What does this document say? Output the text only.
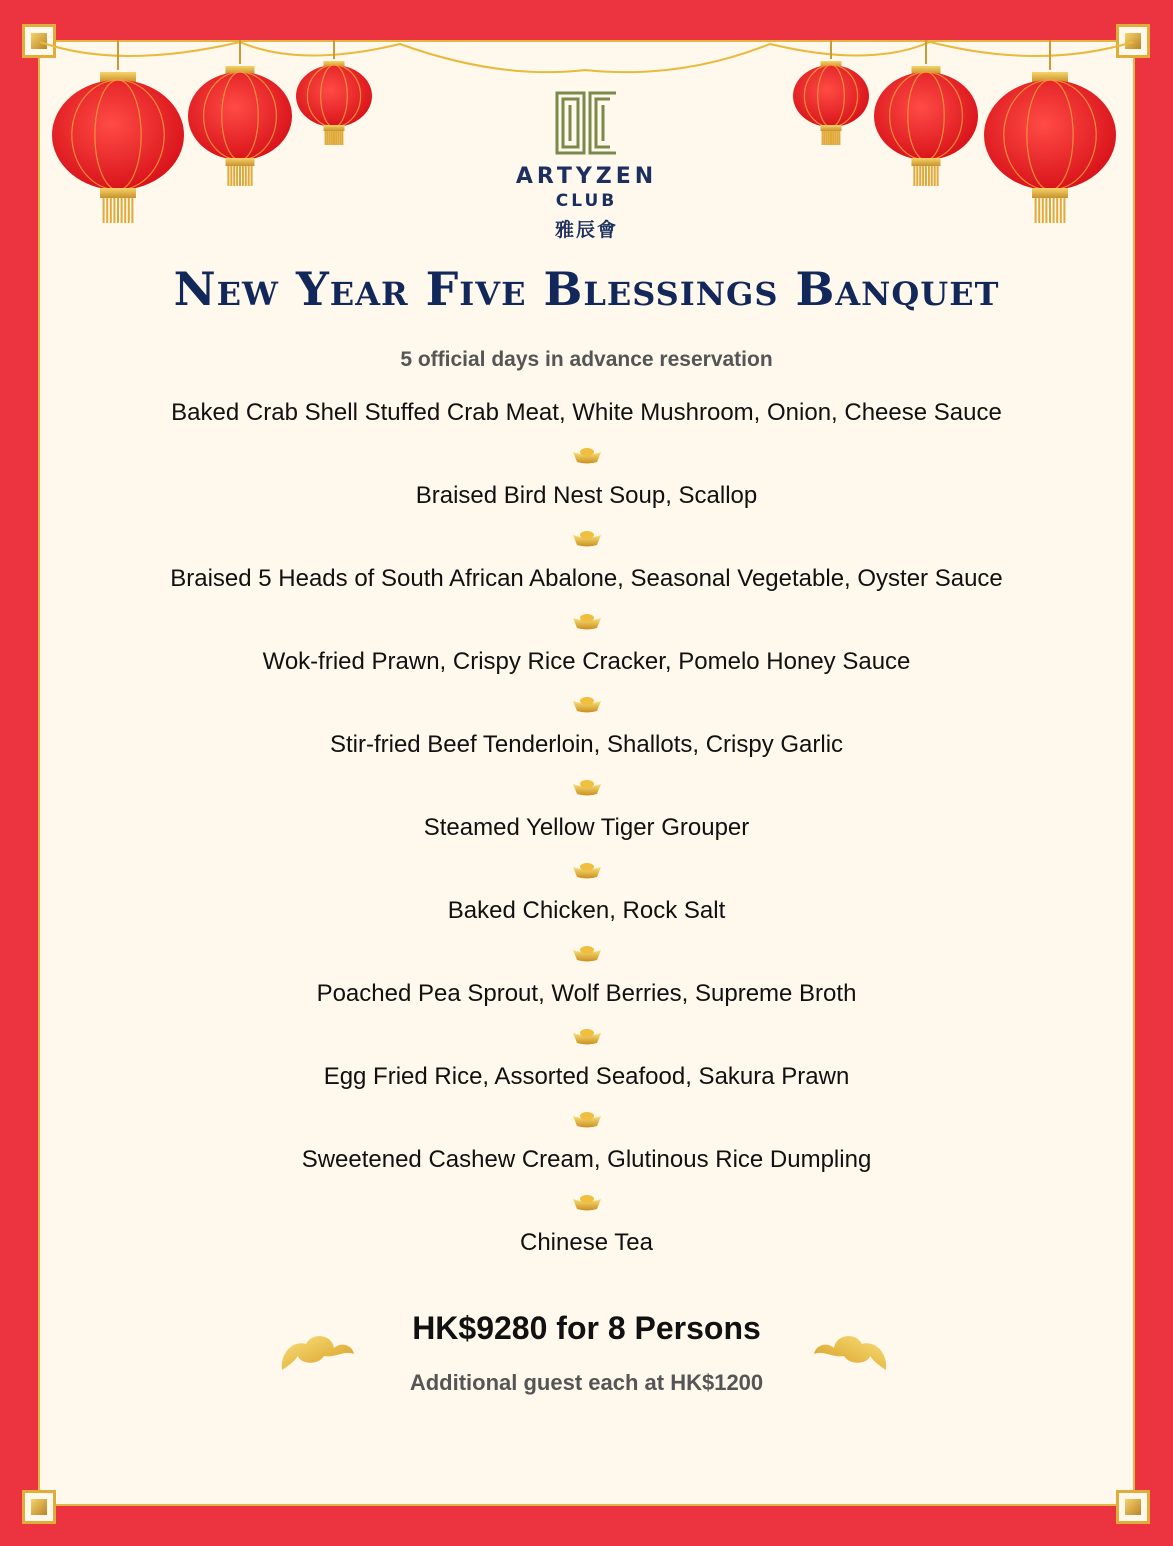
ARTYZEN
CLUB
雅辰會
New Year Five Blessings Banquet
5 official days in advance reservation
Baked Crab Shell Stuffed Crab Meat, White Mushroom, Onion, Cheese Sauce
Braised Bird Nest Soup, Scallop
Braised 5 Heads of South African Abalone, Seasonal Vegetable, Oyster Sauce
Wok-fried Prawn, Crispy Rice Cracker, Pomelo Honey Sauce
Stir-fried Beef Tenderloin, Shallots, Crispy Garlic
Steamed Yellow Tiger Grouper
Baked Chicken, Rock Salt
Poached Pea Sprout, Wolf Berries, Supreme Broth
Egg Fried Rice, Assorted Seafood, Sakura Prawn
Sweetened Cashew Cream, Glutinous Rice Dumpling
Chinese Tea
HK$9280 for 8 Persons
Additional guest each at HK$1200
